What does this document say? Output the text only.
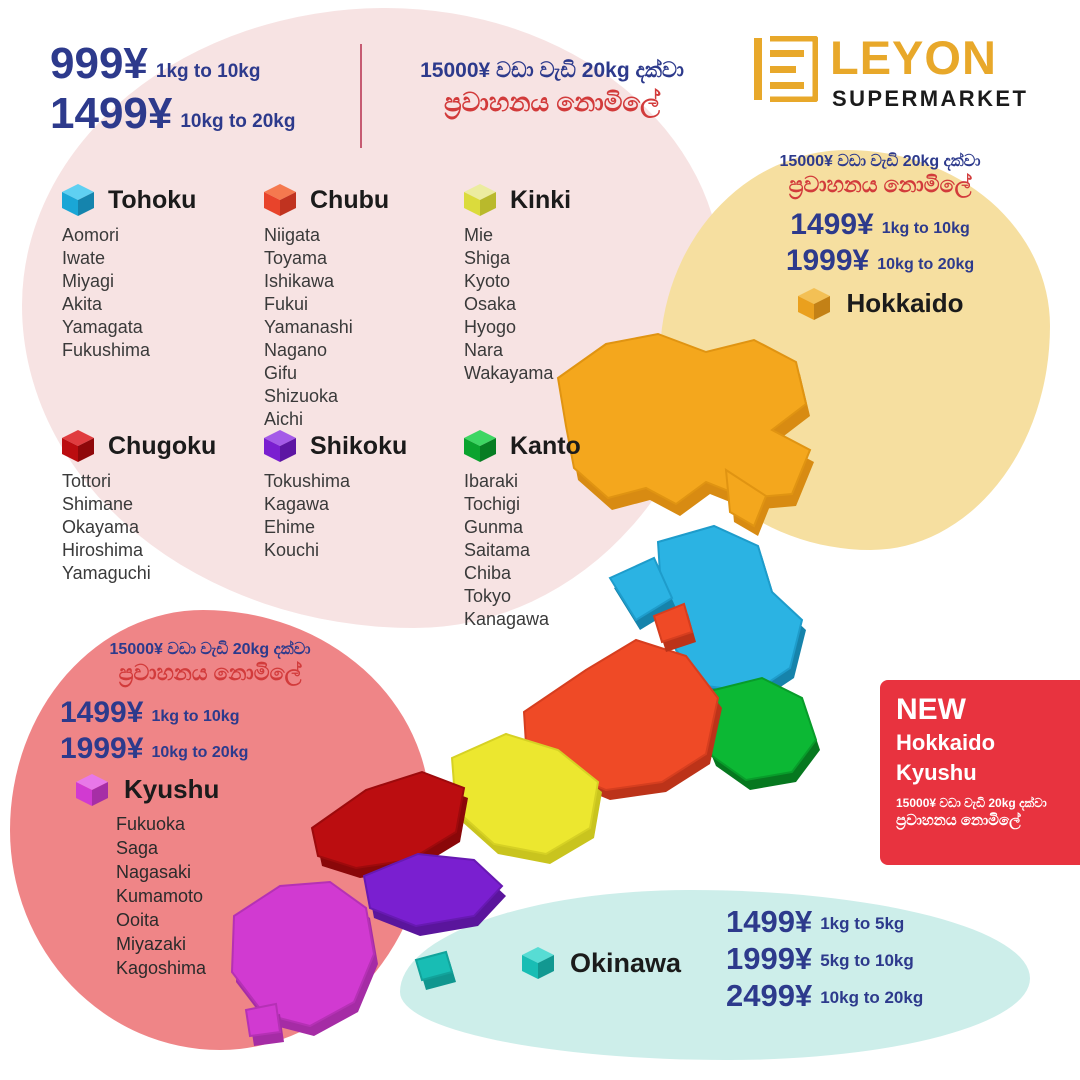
LEYON
SUPERMARKET
999¥ 1kg to 10kg
1499¥ 10kg to 20kg
15000¥ වඩා වැඩි 20kg දක්වා
ප්‍රවාහනය නොමිලේ
Tohoku
Aomori
Iwate
Miyagi
Akita
Yamagata
Fukushima
Chubu
Niigata
Toyama
Ishikawa
Fukui
Yamanashi
Nagano
Gifu
Shizuoka
Aichi
Kinki
Mie
Shiga
Kyoto
Osaka
Hyogo
Nara
Wakayama
Chugoku
Tottori
Shimane
Okayama
Hiroshima
Yamaguchi
Shikoku
Tokushima
Kagawa
Ehime
Kouchi
Kanto
Ibaraki
Tochigi
Gunma
Saitama
Chiba
Tokyo
Kanagawa
15000¥ වඩා වැඩි 20kg දක්වා
ප්‍රවාහනය නොමිලේ
1499¥ 1kg to 10kg
1999¥ 10kg to 20kg
Hokkaido
15000¥ වඩා වැඩි 20kg දක්වා
ප්‍රවාහනය නොමිලේ
1499¥ 1kg to 10kg
1999¥ 10kg to 20kg
Kyushu
Fukuoka
Saga
Nagasaki
Kumamoto
Ooita
Miyazaki
Kagoshima
NEW
Hokkaido
Kyushu
15000¥ වඩා වැඩි 20kg දක්වා
ප්‍රවාහනය නොමිලේ
Okinawa
1499¥ 1kg to 5kg
1999¥ 5kg to 10kg
2499¥ 10kg to 20kg
